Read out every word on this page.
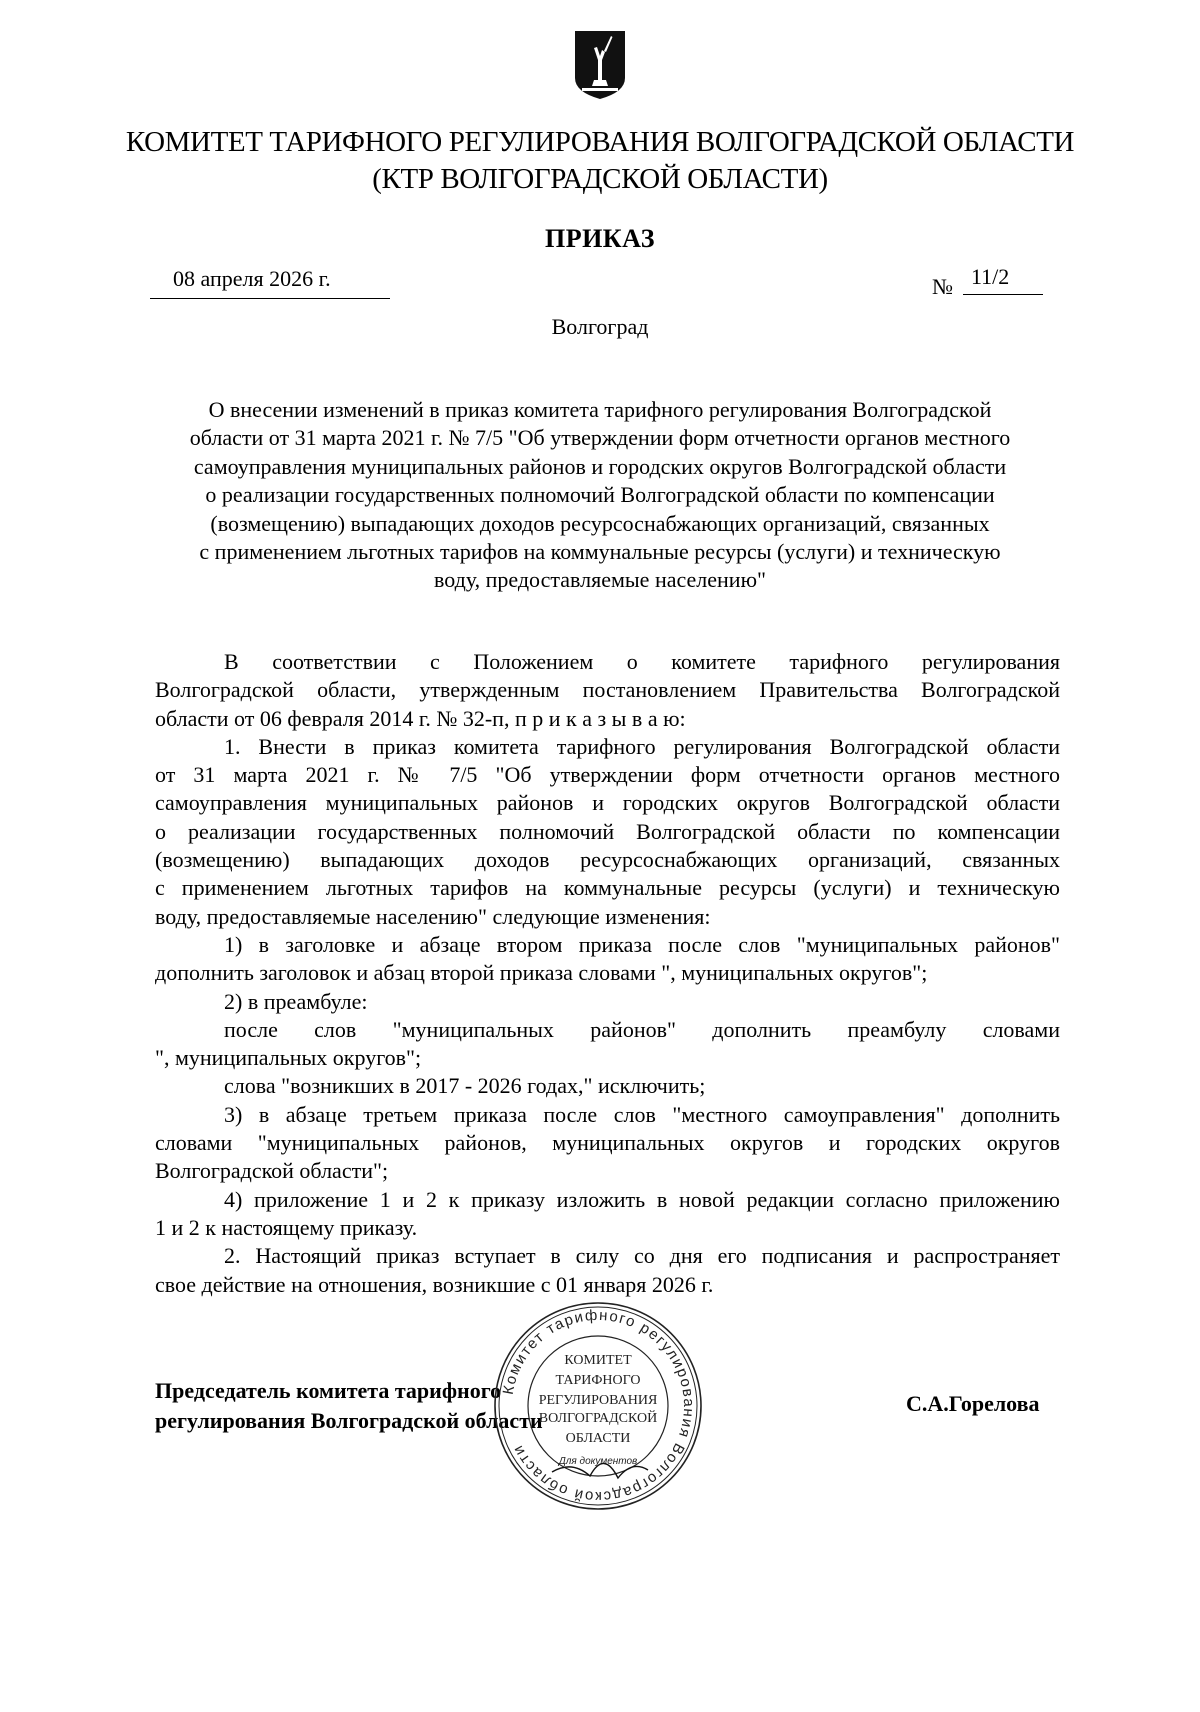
КОМИТЕТ ТАРИФНОГО РЕГУЛИРОВАНИЯ ВОЛГОГРАДСКОЙ ОБЛАСТИ
(КТР ВОЛГОГРАДСКОЙ ОБЛАСТИ)
ПРИКАЗ
08 апреля 2026 г.	№ 11/2
Волгоград

О внесении изменений в приказ комитета тарифного регулирования Волгоградской
области от 31 марта 2021 г. № 7/5 "Об утверждении форм отчетности органов местного
самоуправления муниципальных районов и городских округов Волгоградской области
о реализации государственных полномочий Волгоградской области по компенсации
(возмещению) выпадающих доходов ресурсоснабжающих организаций, связанных
с применением льготных тарифов на коммунальные ресурсы (услуги) и техническую
воду, предоставляемые населению"

В соответствии с Положением о комитете тарифного регулирования
Волгоградской области, утвержденным постановлением Правительства Волгоградской
области от 06 февраля 2014 г. № 32-п, п р и к а з ы в а ю:

1. Внести в приказ комитета тарифного регулирования Волгоградской области
от 31 марта 2021 г. № 7/5 "Об утверждении форм отчетности органов местного
самоуправления муниципальных районов и городских округов Волгоградской области
о реализации государственных полномочий Волгоградской области по компенсации
(возмещению) выпадающих доходов ресурсоснабжающих организаций, связанных
с применением льготных тарифов на коммунальные ресурсы (услуги) и техническую
воду, предоставляемые населению" следующие изменения:

1) в заголовке и абзаце втором приказа после слов "муниципальных районов"
дополнить заголовок и абзац второй приказа словами ", муниципальных округов";

2) в преамбуле:

после слов "муниципальных районов" дополнить преамбулу словами
", муниципальных округов";

слова "возникших в 2017 - 2026 годах," исключить;

3) в абзаце третьем приказа после слов "местного самоуправления" дополнить
словами "муниципальных районов, муниципальных округов и городских округов
Волгоградской области";

4) приложение 1 и 2 к приказу изложить в новой редакции согласно приложению
1 и 2 к настоящему приказу.

2. Настоящий приказ вступает в силу со дня его подписания и распространяет
свое действие на отношения, возникшие с 01 января 2026 г.

Председатель комитета тарифного
регулирования Волгоградской области
С.А.Горелова
Комитет тарифного регулирования Волгоградской области
КОМИТЕТ
ТАРИФНОГО
РЕГУЛИРОВАНИЯ
ВОЛГОГРАДСКОЙ
ОБЛАСТИ
Для документов
